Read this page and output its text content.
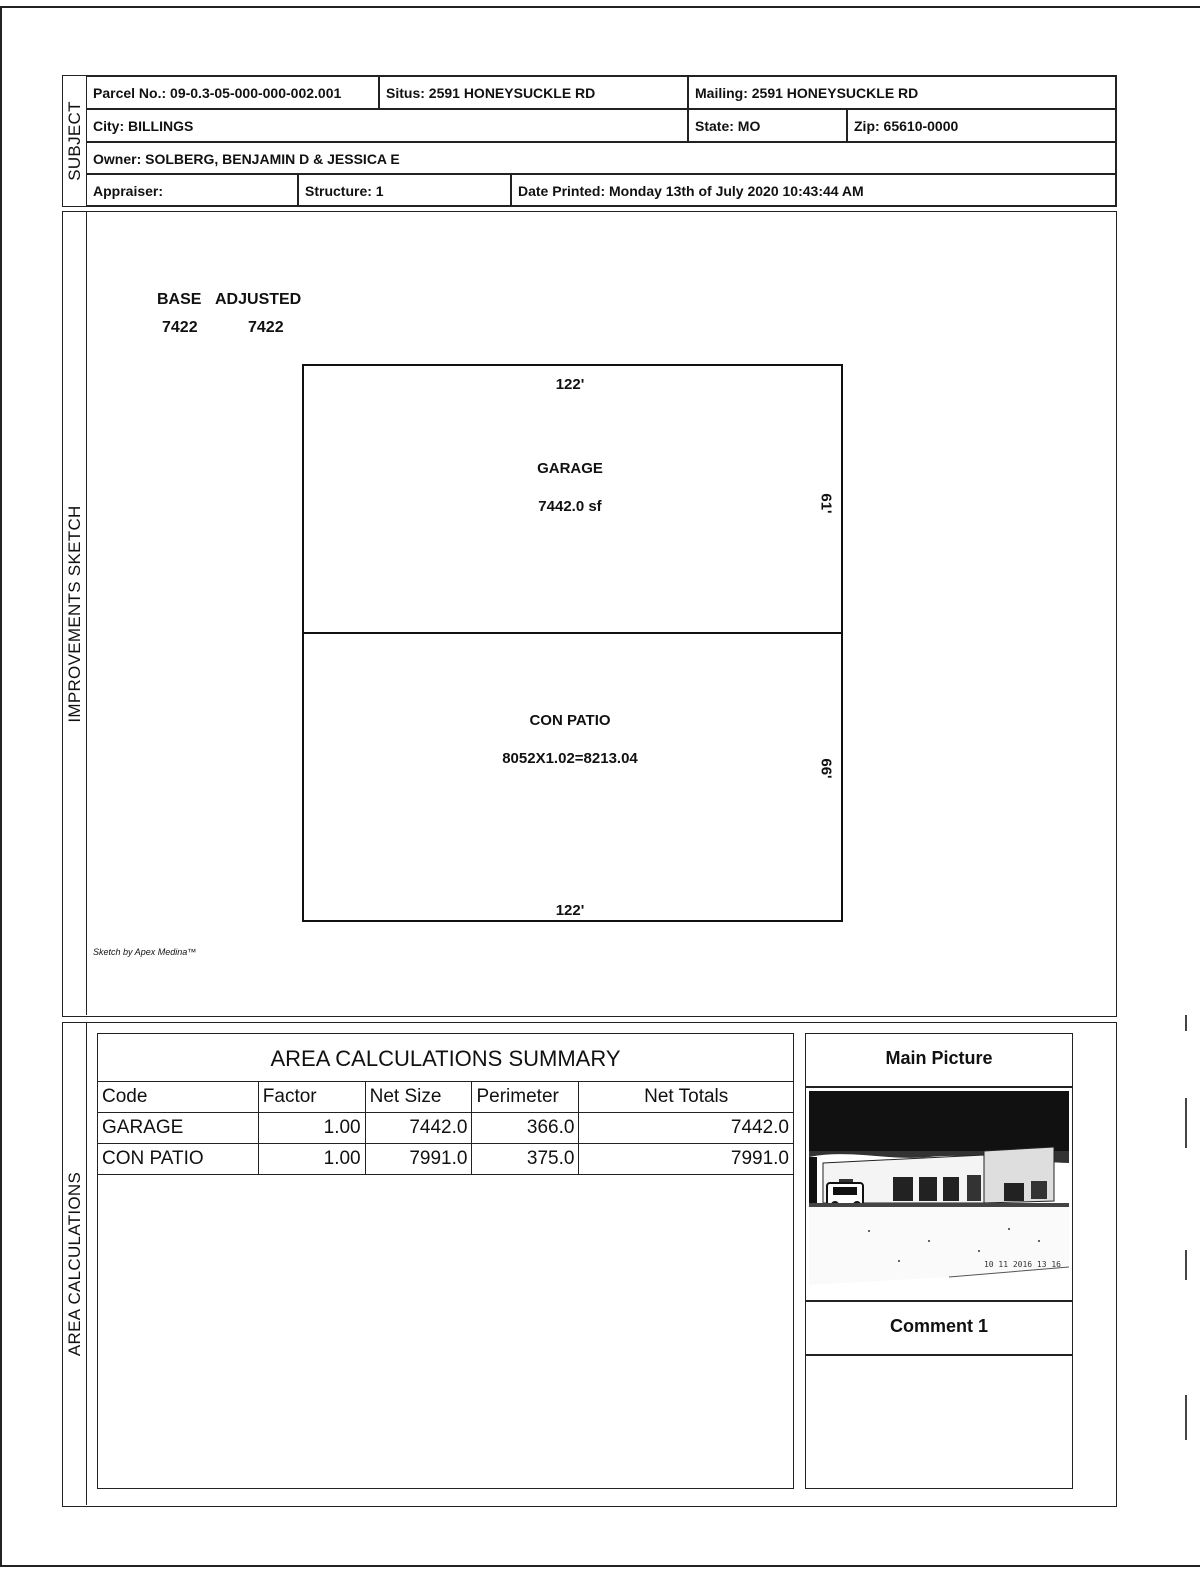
SUBJECT
Parcel No.: 09-0.3-05-000-000-002.001	Situs: 2591 HONEYSUCKLE RD	Mailing: 2591 HONEYSUCKLE RD
City: BILLINGS	State: MO	Zip: 65610-0000
Owner: SOLBERG, BENJAMIN D & JESSICA E
Appraiser:	Structure: 1	Date Printed: Monday 13th of July 2020 10:43:44 AM
IMPROVEMENTS SKETCH
BASE ADJUSTED
7422	7422
122'
GARAGE
7442.0 sf	61'
CON PATIO
8052X1.02=8213.04	66'
122'
Sketch by Apex Medina™
AREA CALCULATIONS
AREA CALCULATIONS SUMMARY
Code	Factor	Net Size	Perimeter	Net Totals
GARAGE	1.00	7442.0	366.0	7442.0
CON PATIO	1.00	7991.0	375.0	7991.0
Main Picture
10 11 2016 13 16
Comment 1
